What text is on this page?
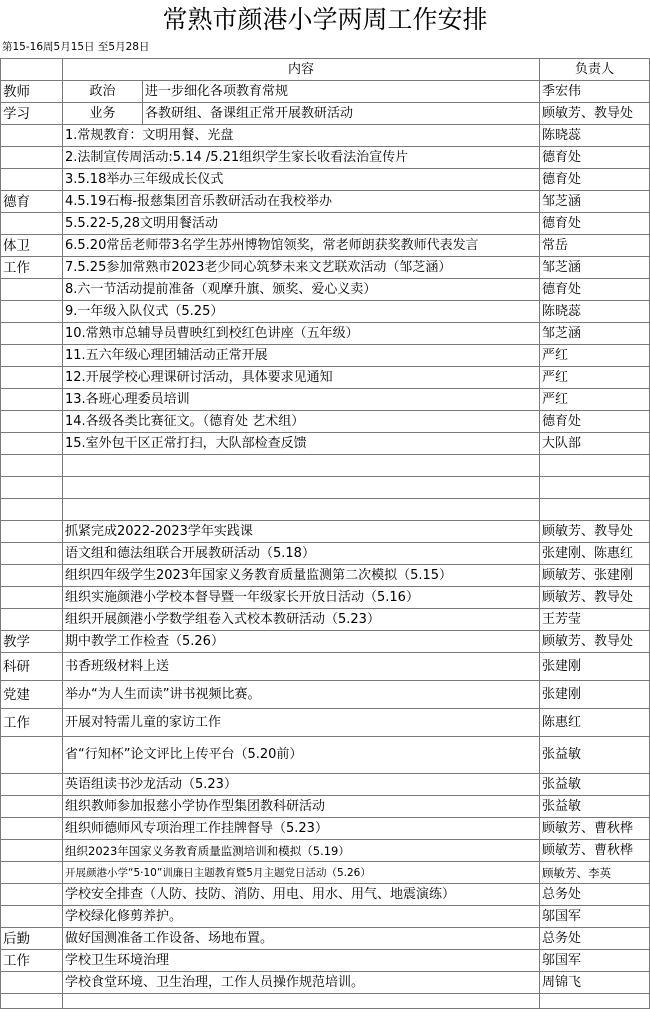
常熟市颜港小学两周工作安排
第15-16周5月15日 至5月28日
	内容		负责人
教师	政治	进一步细化各项教育常规	季宏伟
学习	业务	各教研组、备课组正常开展教研活动	顾敏芳、教导处
	1.常规教育：文明用餐、光盘		陈晓蕊
	2.法制宣传周活动:5.14 /5.21组织学生家长收看法治宣传片		德育处
	3.5.18举办三年级成长仪式		德育处
德育	4.5.19石梅-报慈集团音乐教研活动在我校举办		邹芝涵
	5.5.22-5,28文明用餐活动		德育处
体卫	6.5.20常岳老师带3名学生苏州博物馆领奖，常老师朗获奖教师代表发言		常岳
工作	7.5.25参加常熟市2023老少同心筑梦未来文艺联欢活动（邹芝涵）		邹芝涵
	8.六一节活动提前准备（观摩升旗、颁奖、爱心义卖）		德育处
	9.一年级入队仪式（5.25）		陈晓蕊
	10.常熟市总辅导员曹映红到校红色讲座（五年级）		邹芝涵
	11.五六年级心理团辅活动正常开展		严红
	12.开展学校心理课研讨活动，具体要求见通知		严红
	13.各班心理委员培训		严红
	14.各级各类比赛征文。（德育处 艺术组）		德育处
	15.室外包干区正常打扫，大队部检查反馈		大队部

	抓紧完成2022-2023学年实践课		顾敏芳、教导处
	语文组和德法组联合开展教研活动（5.18）		张建刚、陈惠红
	组织四年级学生2023年国家义务教育质量监测第二次模拟（5.15）		顾敏芳、张建刚
	组织实施颜港小学校本督导暨一年级家长开放日活动（5.16）		顾敏芳、教导处
	组织开展颜港小学数学组卷入式校本教研活动（5.23）		王芳莹
教学	期中教学工作检查（5.26）		顾敏芳、教导处
科研	书香班级材料上送		张建刚
党建	举办“为人生而读”讲书视频比赛。		张建刚
工作	开展对特需儿童的家访工作		陈惠红
	省“行知杯”论文评比上传平台（5.20前）		张益敏
	英语组读书沙龙活动（5.23）		张益敏
	组织教师参加报慈小学协作型集团教科研活动		张益敏
	组织师德师风专项治理工作挂牌督导（5.23）		顾敏芳、曹秋桦
	组织2023年国家义务教育质量监测培训和模拟（5.19）		顾敏芳、曹秋桦
	开展颜港小学“5·10”训廉日主题教育暨5月主题党日活动（5.26）		顾敏芳、李英
	学校安全排查（人防、技防、消防、用电、用水、用气、地震演练）		总务处
	学校绿化修剪养护。		邬国军
后勤	做好国测准备工作设备、场地布置。		总务处
工作	学校卫生环境治理		邬国军
	学校食堂环境、卫生治理，工作人员操作规范培训。		周锦飞
